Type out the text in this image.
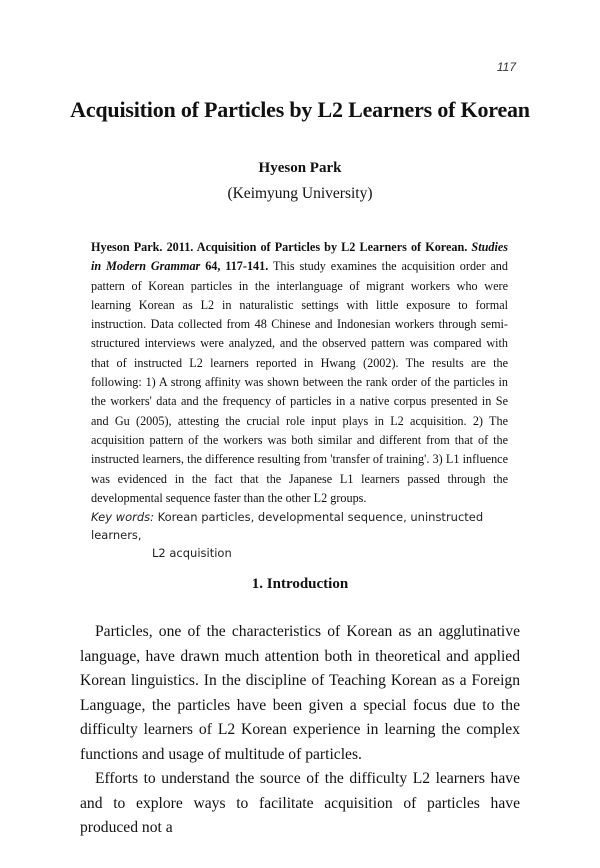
117
Acquisition of Particles by L2 Learners of Korean
Hyeson Park
(Keimyung University)

Hyeson Park. 2011. Acquisition of Particles by L2 Learners of Korean. Studies in Modern Grammar 64, 117-141. This study examines the acquisition order and pattern of Korean particles in the interlanguage of migrant workers who were learning Korean as L2 in naturalistic settings with little exposure to formal instruction. Data collected from 48 Chinese and Indonesian workers through semi-structured interviews were analyzed, and the observed pattern was compared with that of instructed L2 learners reported in Hwang (2002). The results are the following: 1) A strong affinity was shown between the rank order of the particles in the workers' data and the frequency of particles in a native corpus presented in Se and Gu (2005), attesting the crucial role input plays in L2 acquisition. 2) The acquisition pattern of the workers was both similar and different from that of the instructed learners, the difference resulting from 'transfer of training'. 3) L1 influence was evidenced in the fact that the Japanese L1 learners passed through the developmental sequence faster than the other L2 groups.

Key words: Korean particles, developmental sequence, uninstructed learners,
L2 acquisition
1. Introduction

Particles, one of the characteristics of Korean as an agglutinative language, have drawn much attention both in theoretical and applied Korean linguistics. In the discipline of Teaching Korean as a Foreign Language, the particles have been given a special focus due to the difficulty learners of L2 Korean experience in learning the complex functions and usage of multitude of particles.

Efforts to understand the source of the difficulty L2 learners have and to explore ways to facilitate acquisition of particles have produced not a
